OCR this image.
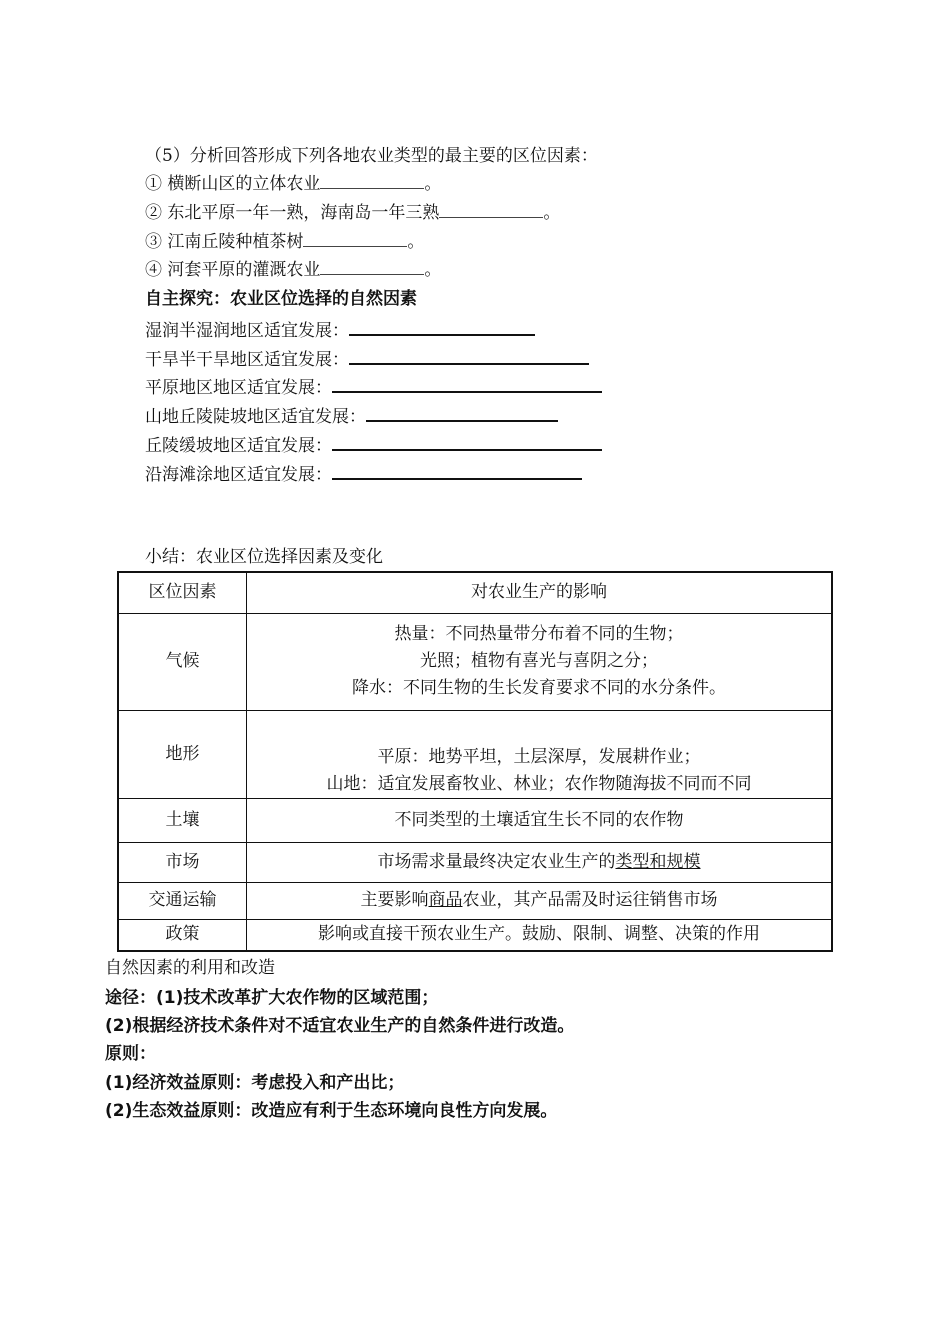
（5）分析回答形成下列各地农业类型的最主要的区位因素：
① 横断山区的立体农业	。
② 东北平原一年一熟，海南岛一年三熟	。
③ 江南丘陵种植茶树	。
④ 河套平原的灌溉农业	。
自主探究：农业区位选择的自然因素
湿润半湿润地区适宜发展：
干旱半干旱地区适宜发展：
平原地区地区适宜发展：
山地丘陵陡坡地区适宜发展：
丘陵缓坡地区适宜发展：
沿海滩涂地区适宜发展：
小结：农业区位选择因素及变化
区位因素	对农业生产的影响
气候	热量：不同热量带分布着不同的生物；
光照；植物有喜光与喜阴之分；
降水：不同生物的生长发育要求不同的水分条件。

地形	平原：地势平坦，土层深厚，发展耕作业；
山地：适宜发展畜牧业、林业；农作物随海拔不同而不同

土壤	不同类型的土壤适宜生长不同的农作物
市场	市场需求量最终决定农业生产的类型和规模
交通运输	主要影响商品农业，其产品需及时运往销售市场
政策	影响或直接干预农业生产。鼓励、限制、调整、决策的作用
自然因素的利用和改造
途径：(1)技术改革扩大农作物的区域范围；
(2)根据经济技术条件对不适宜农业生产的自然条件进行改造。
原则：
(1)经济效益原则：考虑投入和产出比；
(2)生态效益原则：改造应有利于生态环境向良性方向发展。
